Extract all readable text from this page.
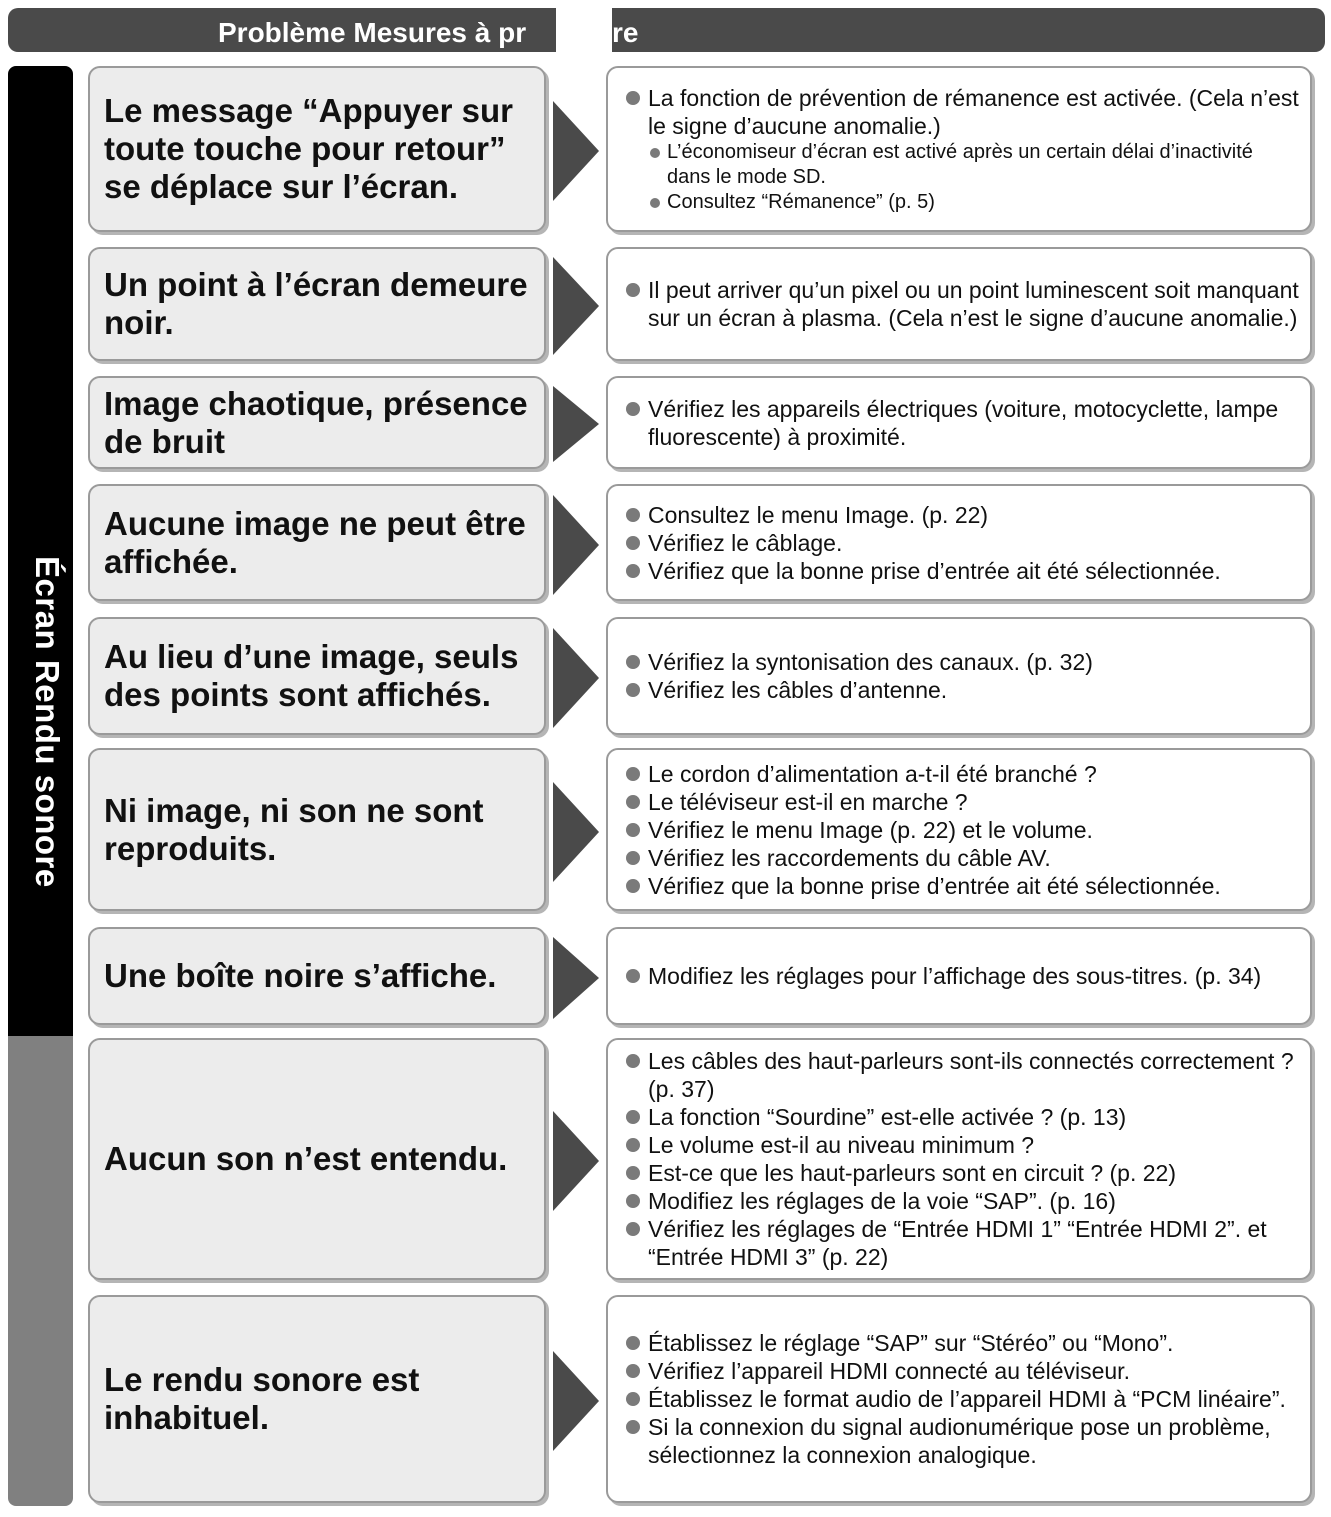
Problème Mesures à pr	re
Écran Rendu sonore
Le message “Appuyer sur toute touche pour retour” se déplace sur l’écran.
La fonction de prévention de rémanence est activée. (Cela n’est le signe d’aucune anomalie.)
L’économiseur d’écran est activé après un certain délai d’inactivité dans le mode SD.
Consultez “Rémanence” (p. 5)
Un point à l’écran demeure noir.
Il peut arriver qu’un pixel ou un point luminescent soit manquant sur un écran à plasma. (Cela n’est le signe d’aucune anomalie.)
Image chaotique, présence de bruit
Vérifiez les appareils électriques (voiture, motocyclette, lampe fluorescente) à proximité.
Aucune image ne peut être affichée.
Consultez le menu Image. (p. 22)
Vérifiez le câblage.
Vérifiez que la bonne prise d’entrée ait été sélectionnée.
Au lieu d’une image, seuls des points sont affichés.
Vérifiez la syntonisation des canaux. (p. 32)
Vérifiez les câbles d’antenne.
Ni image, ni son ne sont reproduits.
Le cordon d’alimentation a-t-il été branché ?
Le téléviseur est-il en marche ?
Vérifiez le menu Image (p. 22) et le volume.
Vérifiez les raccordements du câble AV.
Vérifiez que la bonne prise d’entrée ait été sélectionnée.
Une boîte noire s’affiche.	Modifiez les réglages pour l’affichage des sous-titres. (p. 34)
Aucun son n’est entendu.
Les câbles des haut-parleurs sont-ils connectés correctement ? (p. 37)
La fonction “Sourdine” est-elle activée ? (p. 13)
Le volume est-il au niveau minimum ?
Est-ce que les haut-parleurs sont en circuit ? (p. 22)
Modifiez les réglages de la voie “SAP”. (p. 16)
Vérifiez les réglages de “Entrée HDMI 1” “Entrée HDMI 2”. et “Entrée HDMI 3” (p. 22)
Le rendu sonore est inhabituel.
Établissez le réglage “SAP” sur “Stéréo” ou “Mono”.
Vérifiez l’appareil HDMI connecté au téléviseur.
Établissez le format audio de l’appareil HDMI à “PCM linéaire”.
Si la connexion du signal audionumérique pose un problème, sélectionnez la connexion analogique.
